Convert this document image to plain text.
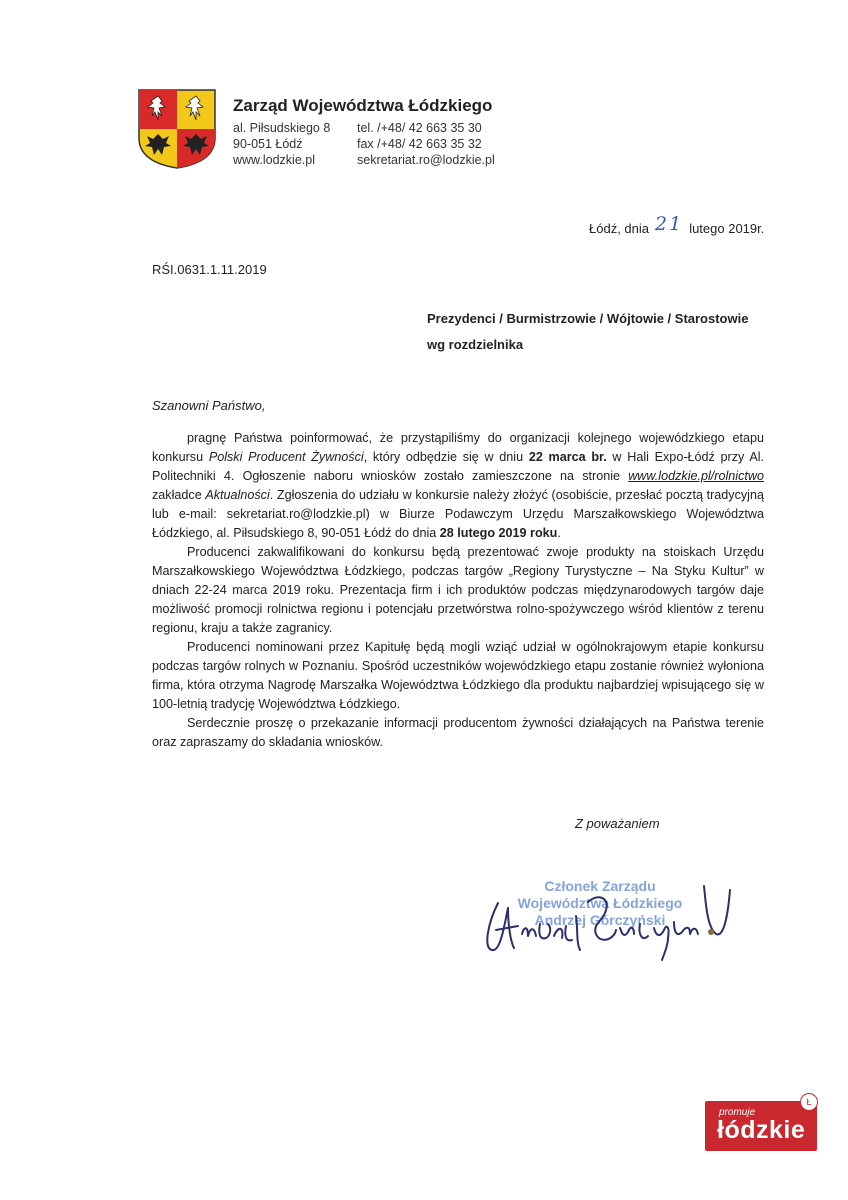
Zarząd Województwa Łódzkiego
al. Piłsudskiego 8
90-051 Łódź
www.lodzkie.pl
tel. /+48/ 42 663 35 30
fax /+48/ 42 663 35 32
sekretariat.ro@lodzkie.pl
Łódź, dnia 21 lutego 2019r.
RŚI.0631.1.11.2019
Prezydenci / Burmistrzowie / Wójtowie / Starostowie
wg rozdzielnika
Szanowni Państwo,

pragnę Państwa poinformować, że przystąpiliśmy do organizacji kolejnego wojewódzkiego etapu konkursu Polski Producent Żywności, który odbędzie się w dniu 22 marca br. w Hali Expo-Łódź przy Al. Politechniki 4. Ogłoszenie naboru wniosków zostało zamieszczone na stronie www.lodzkie.pl/rolnictwo zakładce Aktualności. Zgłoszenia do udziału w konkursie należy złożyć (osobiście, przesłać pocztą tradycyjną lub e-mail: sekretariat.ro@lodzkie.pl) w Biurze Podawczym Urzędu Marszałkowskiego Województwa Łódzkiego, al. Piłsudskiego 8, 90-051 Łódź do dnia 28 lutego 2019 roku.

Producenci zakwalifikowani do konkursu będą prezentować zwoje produkty na stoiskach Urzędu Marszałkowskiego Województwa Łódzkiego, podczas targów „Regiony Turystyczne – Na Styku Kultur” w dniach 22-24 marca 2019 roku. Prezentacja firm i ich produktów podczas międzynarodowych targów daje możliwość promocji rolnictwa regionu i potencjału przetwórstwa rolno-spożywczego wśród klientów z terenu regionu, kraju a także zagranicy.

Producenci nominowani przez Kapitułę będą mogli wziąć udział w ogólnokrajowym etapie konkursu podczas targów rolnych w Poznaniu. Spośród uczestników wojewódzkiego etapu zostanie również wyłoniona firma, która otrzyma Nagrodę Marszałka Województwa Łódzkiego dla produktu najbardziej wpisującego się w 100-letnią tradycję Województwa Łódzkiego.

Serdecznie proszę o przekazanie informacji producentom żywności działających na Państwa terenie oraz zapraszamy do składania wniosków.

Z poważaniem
Członek Zarządu
Województwa Łódzkiego
Andrzej Górczyński
promuje
łódzkie
Ł
